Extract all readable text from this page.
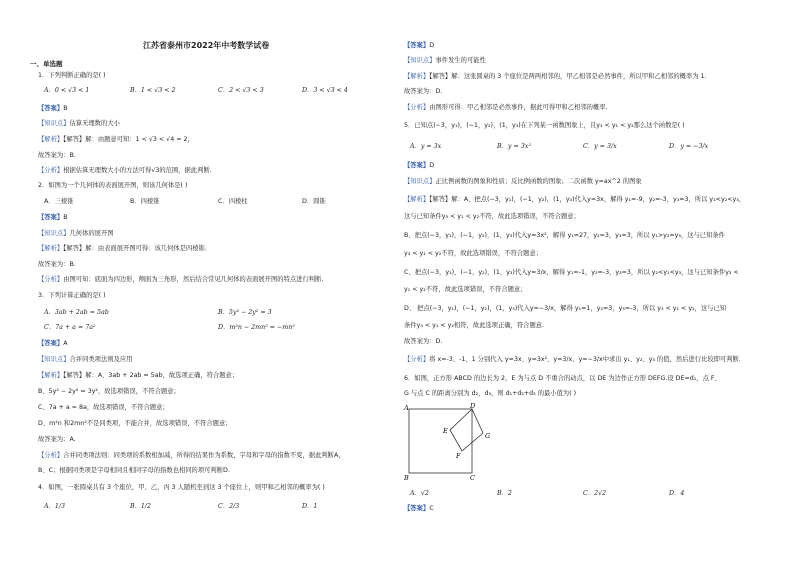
江苏省泰州市2022年中考数学试卷
一、单选题
1．下列判断正确的是( )
A．0 < √3 < 1	B．1 < √3 < 2	C．2 < √3 < 3	D．3 < √3 < 4
【答案】B
【知识点】估算无理数的大小
【解析】【解答】解：由题意可知：1 < √3 < √4 = 2，
故答案为：B.
【分析】根据估算无理数大小的方法可得√3的范围，据此判断.
2．如图为一个几何体的表面展开图，则该几何体是( )
A．三棱锥	B．四棱锥	C．四棱柱	D．圆锥
【答案】B
【知识点】几何体的展开图
【解析】【解答】解：由表面展开图可得：该几何体是四棱锥.
故答案为：B.
【分析】由图可知：底面为四边形，侧面为三角形，然后结合常见几何体的表面展开图的特点进行判断.
3．下列计算正确的是( )
A．3ab + 2ab = 5ab	B．5y² − 2y² = 3
C．7a + a = 7a²	D．m²n − 2mn² = −mn²
【答案】A
【知识点】合并同类项法则及应用
【解析】【解答】解：A、3ab + 2ab = 5ab，故选项正确，符合题意；
B、5y² − 2y² = 3y²，故选项错误，不符合题意；
C、7a + a = 8a，故选项错误，不符合题意；
D、m²n 和2mn²不是同类项，不能合并，故选项错误，不符合题意；
故答案为：A.
【分析】合并同类项法则：同类项的系数相加减，所得的结果作为系数，字母和字母的指数不变，据此判断A、
B、C；根据同类项是字母相同且相同字母的指数也相同的项可判断D.
4．如图，一张圆桌共有 3 个座位，甲、乙，丙 3 人随机坐到这 3 个座位上，则甲和乙相邻的概率为( )
A．1/3	B．1/2	C．2/3	D．1
【答案】D
【知识点】事件发生的可能性
【解析】【解答】解：这张圆桌的 3 个座位是两两相邻的，甲乙相邻是必然事件，所以甲和乙相邻的概率为 1.
故答案为：D.
【分析】由图形可得：甲乙相邻是必然事件，据此可得甲和乙相邻的概率.
5．已知点(−3，y₁)，(−1，y₂)，(1，y₃)在下列某一函数图象上，且y₃ < y₁ < y₂那么这个函数是( )
A．y = 3x	B．y = 3x²	C．y = 3/x	D．y = −3/x
【答案】D
【知识点】正比例函数的图象和性质；反比例函数的图象；二次函数 y=ax^2 的图象
【解析】【解答】解：A、把点(−3，y₁)，(−1，y₂)，(1，y₃)代入y=3x，解得 y₁=-9，y₂=-3，y₃=3，所以 y₁<y₂<y₃，
这与已知条件y₃ < y₁ < y₂不符，故此选项错误，不符合题意；
B、把点(−3，y₁)，(−1，y₂)，(1，y₃)代入y=3x²，解得 y₁=27，y₂=3，y₃=3，所以 y₁>y₂=y₃，这与已知条件
y₃ < y₁ < y₂不符，故此选项错误，不符合题意；
C、把点(−3，y₁)，(−1，y₂)，(1，y₃)代入y=3/x，解得 y₁=-1，y₂=-3，y₃=3，所以 y₂<y₁<y₃，这与已知条件y₃ <
y₁ < y₂不符，故此选项错误，不符合题意；
D、 把点(−3，y₁)，(−1，y₂)，(1，y₃)代入y=−3/x，解得 y₁=1，y₂=3，y₃=-3，所以 y₃ < y₁ < y₂，这与已知
条件y₃ < y₁ < y₂相符，故此选项正确，符合题意.
故答案为：D.
【分析】将 x=-3、-1、1 分别代入 y=3x、y=3x²、y=3/x、y=−3/x中求出 y₁、y₂、y₃ 的值，然后进行比较即可判断.
6．如图，正方形 ABCD 的边长为 2，E 为与点 D 不重合的动点，以 DE 为边作正方形 DEFG.设 DE=d₁，点 F、
G 与点 C 的距离分别为 d₂，d₃，则 d₁+d₂+d₃ 的最小值为( )
A	D
E
G
F
B	C
A．√2	B．2	C．2√2	D．4
【答案】C
